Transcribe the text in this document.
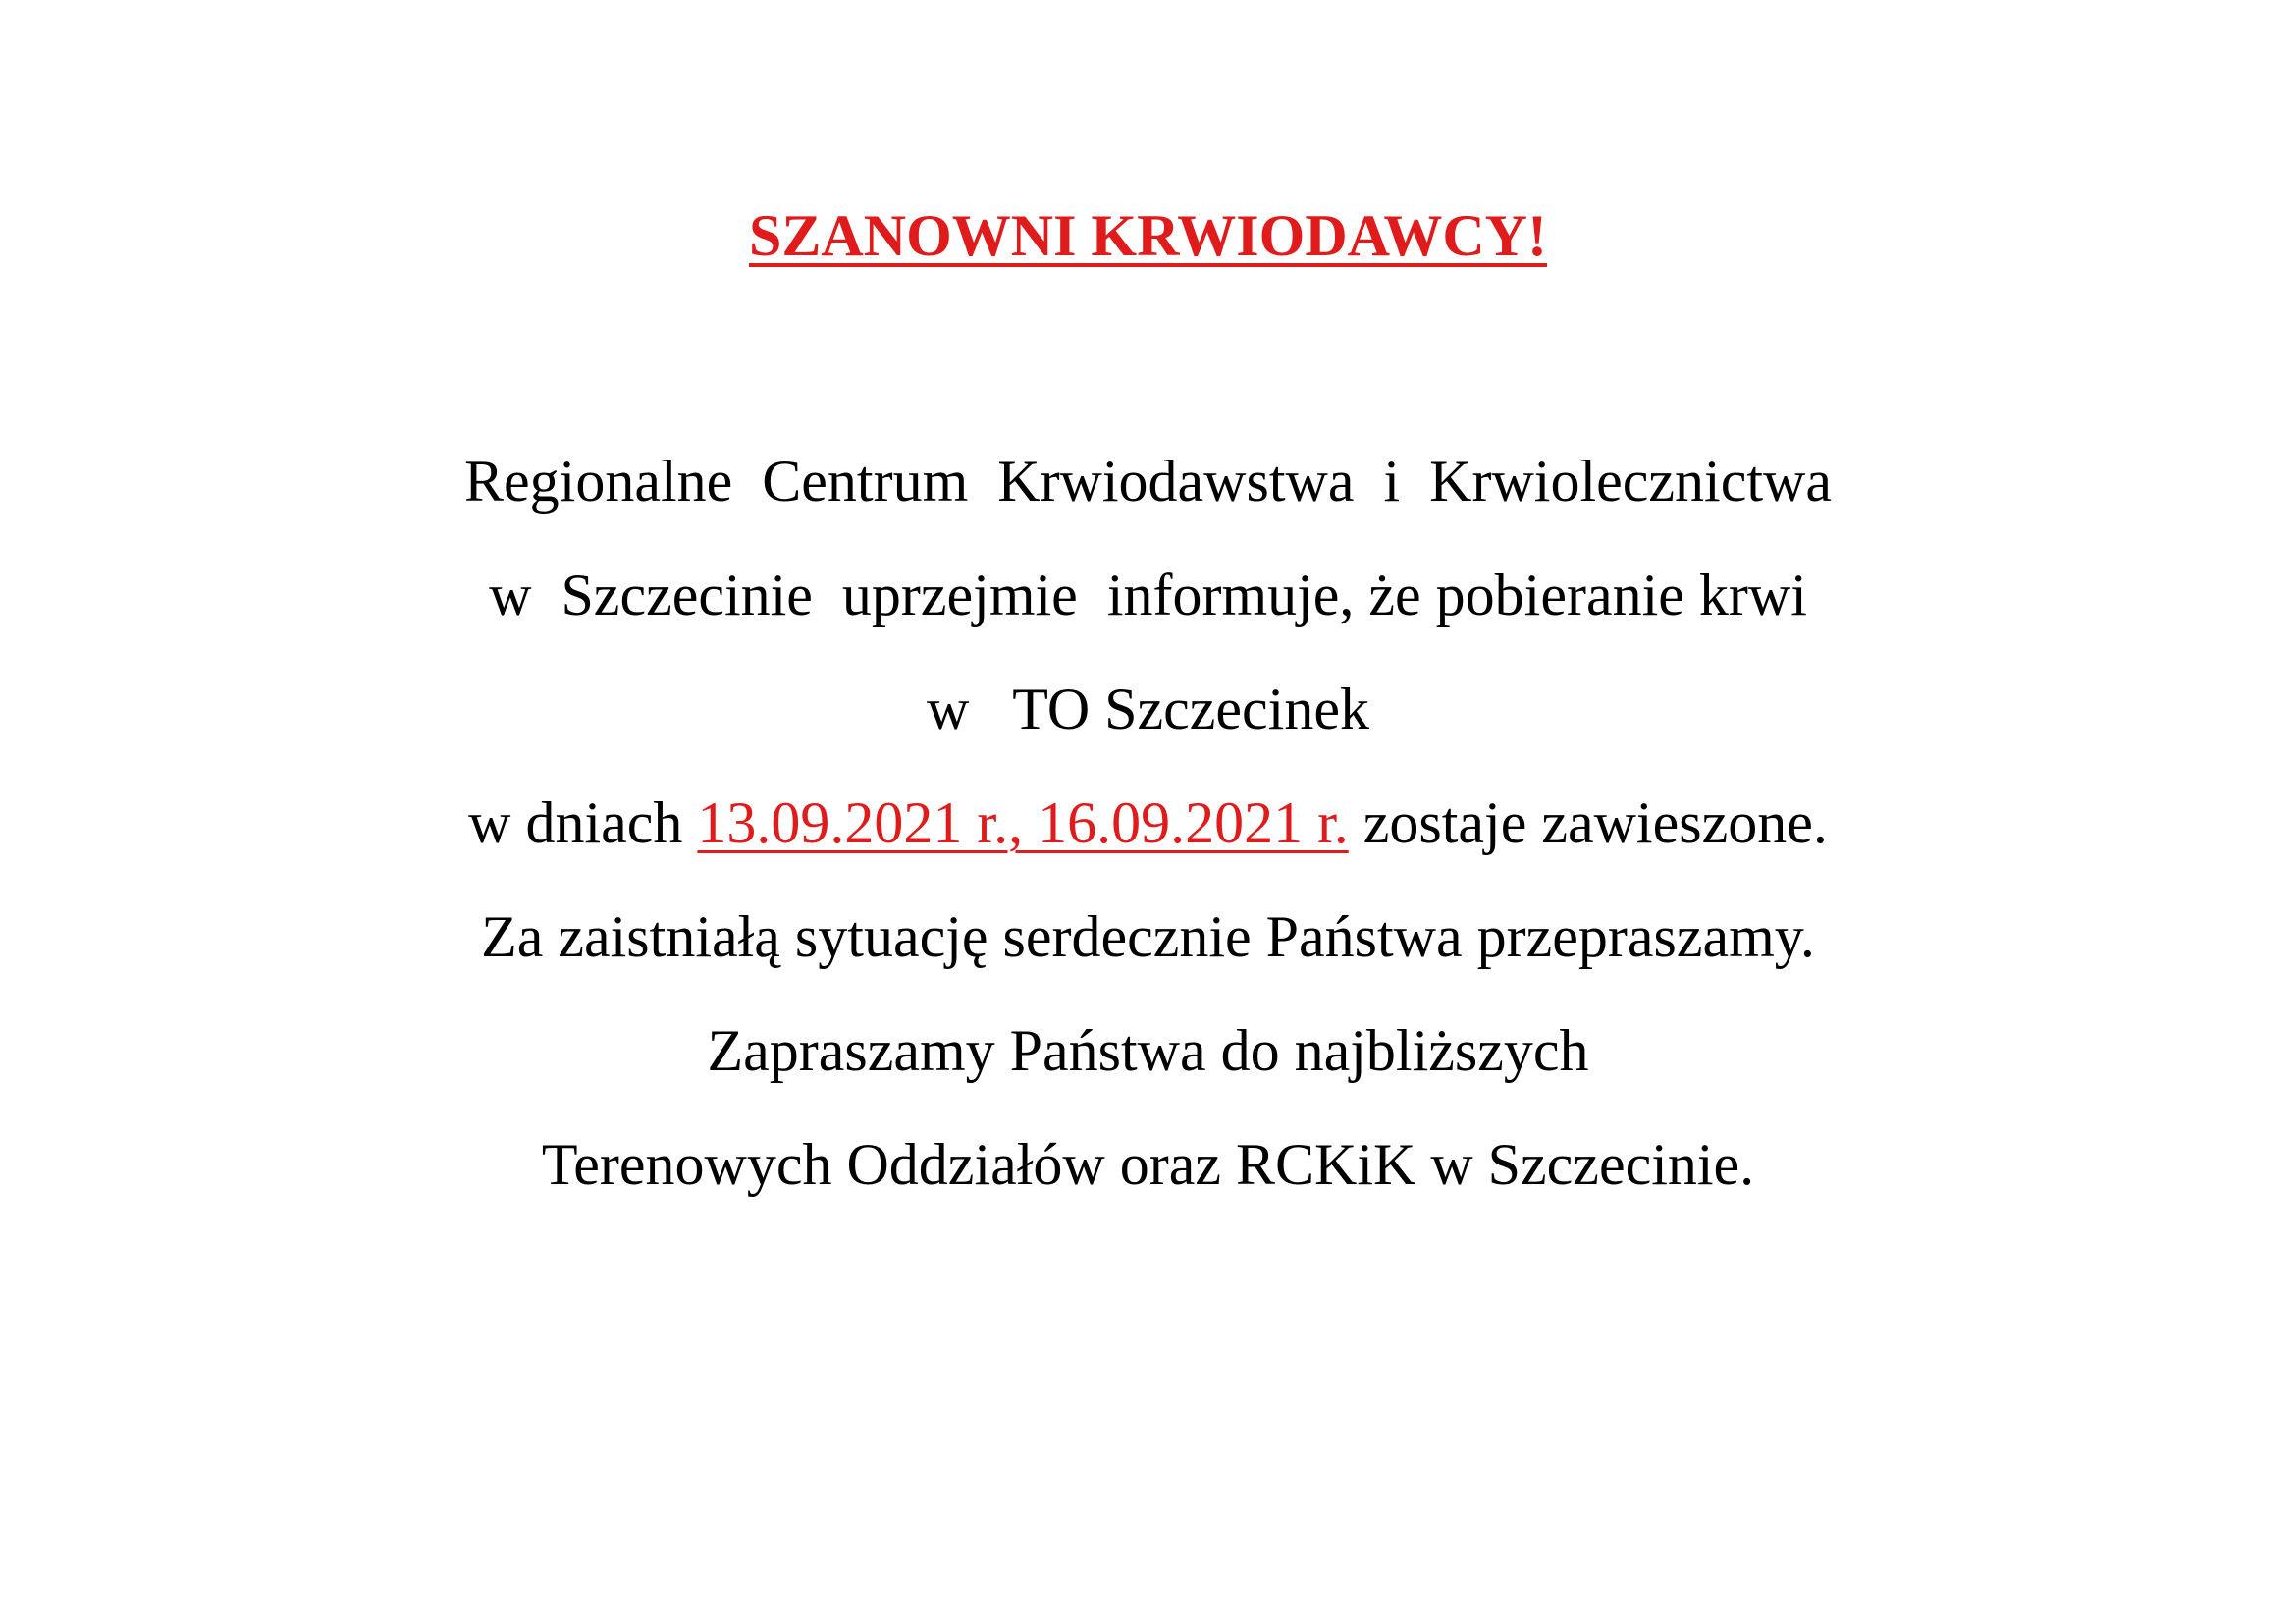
SZANOWNI KRWIODAWCY!
Regionalne  Centrum  Krwiodawstwa  i  Krwiolecznictwa
w  Szczecinie  uprzejmie  informuje, że pobieranie krwi
w   TO Szczecinek
w dniach 13.09.2021 r., 16.09.2021 r. zostaje zawieszone.
Za zaistniałą sytuację serdecznie Państwa przepraszamy.
Zapraszamy Państwa do najbliższych
Terenowych Oddziałów oraz RCKiK w Szczecinie.
